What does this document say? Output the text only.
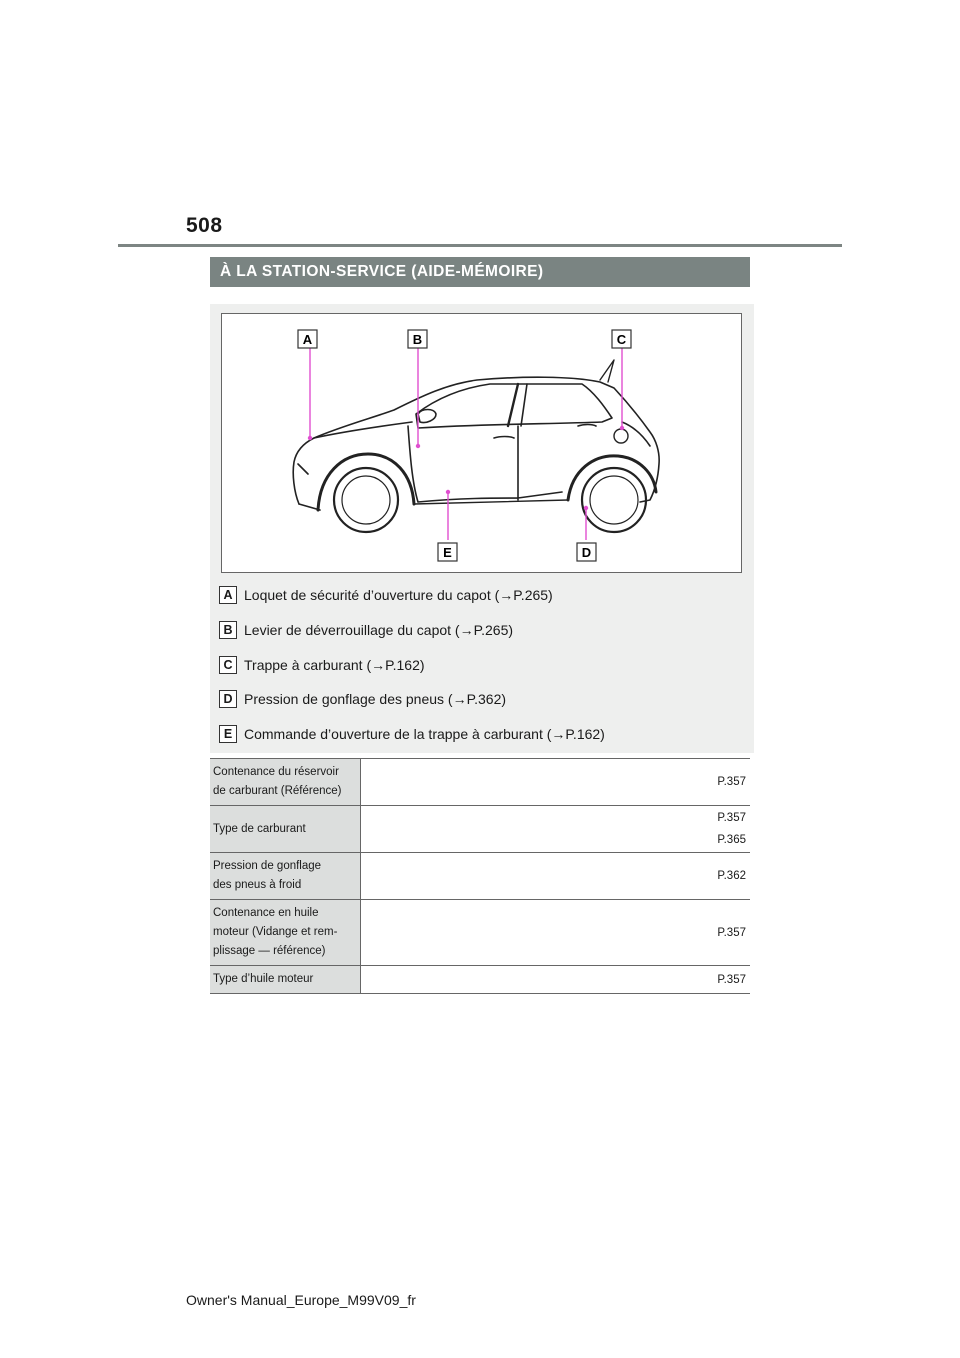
508
À LA STATION-SERVICE (AIDE-MÉMOIRE)
A	B	C
D
E
A Loquet de sécurité d’ouverture du capot (→P.265)
B Levier de déverrouillage du capot (→P.265)
C Trappe à carburant (→P.162)
D Pression de gonflage des pneus (→P.362)
E Commande d’ouverture de la trappe à carburant (→P.162)
Contenance du réservoir
de carburant (Référence)	P.357

Type de carburant	P.357
P.365

Pression de gonflage
des pneus à froid	P.362

Contenance en huile
moteur (Vidange et rem-
plissage — référence)	P.357

Type d’huile moteur	P.357
Owner's Manual_Europe_M99V09_fr
